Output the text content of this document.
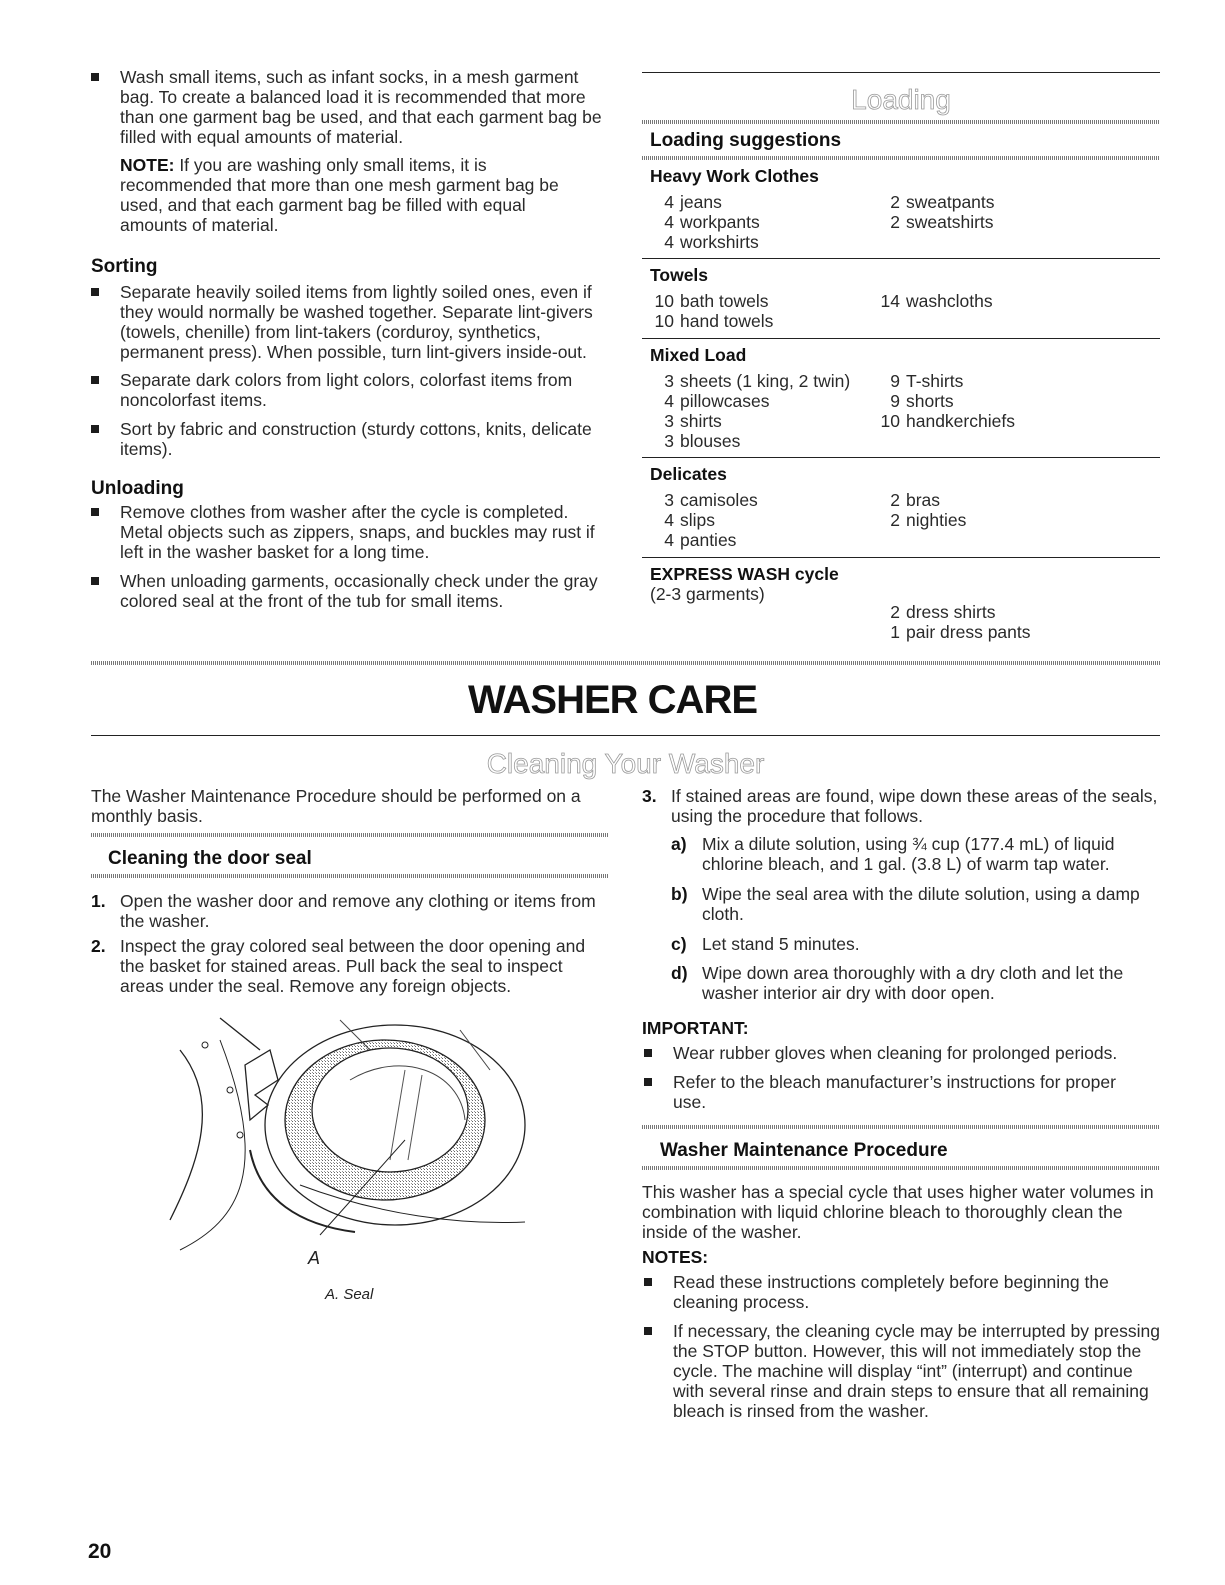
Wash small items, such as infant socks, in a mesh garment bag. To create a balanced load it is recommended that more than one garment bag be used, and that each garment bag be filled with equal amounts of material.
NOTE: If you are washing only small items, it is recommended that more than one mesh garment bag be used, and that each garment bag be filled with equal amounts of material.
Sorting
Separate heavily soiled items from lightly soiled ones, even if they would normally be washed together. Separate lint-givers (towels, chenille) from lint-takers (corduroy, synthetics, permanent press). When possible, turn lint-givers inside-out.
Separate dark colors from light colors, colorfast items from noncolorfast items.
Sort by fabric and construction (sturdy cottons, knits, delicate items).
Unloading
Remove clothes from washer after the cycle is completed. Metal objects such as zippers, snaps, and buckles may rust if left in the washer basket for a long time.
When unloading garments, occasionally check under the gray colored seal at the front of the tub for small items.
Loading
Loading suggestions
Heavy Work Clothes
4 jeans
4 workpants
4 workshirts
2 sweatpants
2 sweatshirts
Towels
10 bath towels
10 hand towels
14 washcloths
Mixed Load
3 sheets (1 king, 2 twin)
4 pillowcases
3 shirts
3 blouses
9 T-shirts
9 shorts
10 handkerchiefs
Delicates
3 camisoles
4 slips
4 panties
2 bras
2 nighties
EXPRESS WASH cycle
(2-3 garments)
2 dress shirts
1 pair dress pants
WASHER CARE
Cleaning Your Washer
The Washer Maintenance Procedure should be performed on a monthly basis.
Cleaning the door seal
1. Open the washer door and remove any clothing or items from the washer.
2. Inspect the gray colored seal between the door opening and the basket for stained areas. Pull back the seal to inspect areas under the seal. Remove any foreign objects.
A
A. Seal
3. If stained areas are found, wipe down these areas of the seals, using the procedure that follows.
a) Mix a dilute solution, using ¾ cup (177.4 mL) of liquid chlorine bleach, and 1 gal. (3.8 L) of warm tap water.
b) Wipe the seal area with the dilute solution, using a damp cloth.
c) Let stand 5 minutes.
d) Wipe down area thoroughly with a dry cloth and let the washer interior air dry with door open.
IMPORTANT:
Wear rubber gloves when cleaning for prolonged periods.
Refer to the bleach manufacturer’s instructions for proper use.
Washer Maintenance Procedure
This washer has a special cycle that uses higher water volumes in combination with liquid chlorine bleach to thoroughly clean the inside of the washer.
NOTES:
Read these instructions completely before beginning the cleaning process.
If necessary, the cleaning cycle may be interrupted by pressing the STOP button. However, this will not immediately stop the cycle. The machine will display “int” (interrupt) and continue with several rinse and drain steps to ensure that all remaining bleach is rinsed from the washer.
20
